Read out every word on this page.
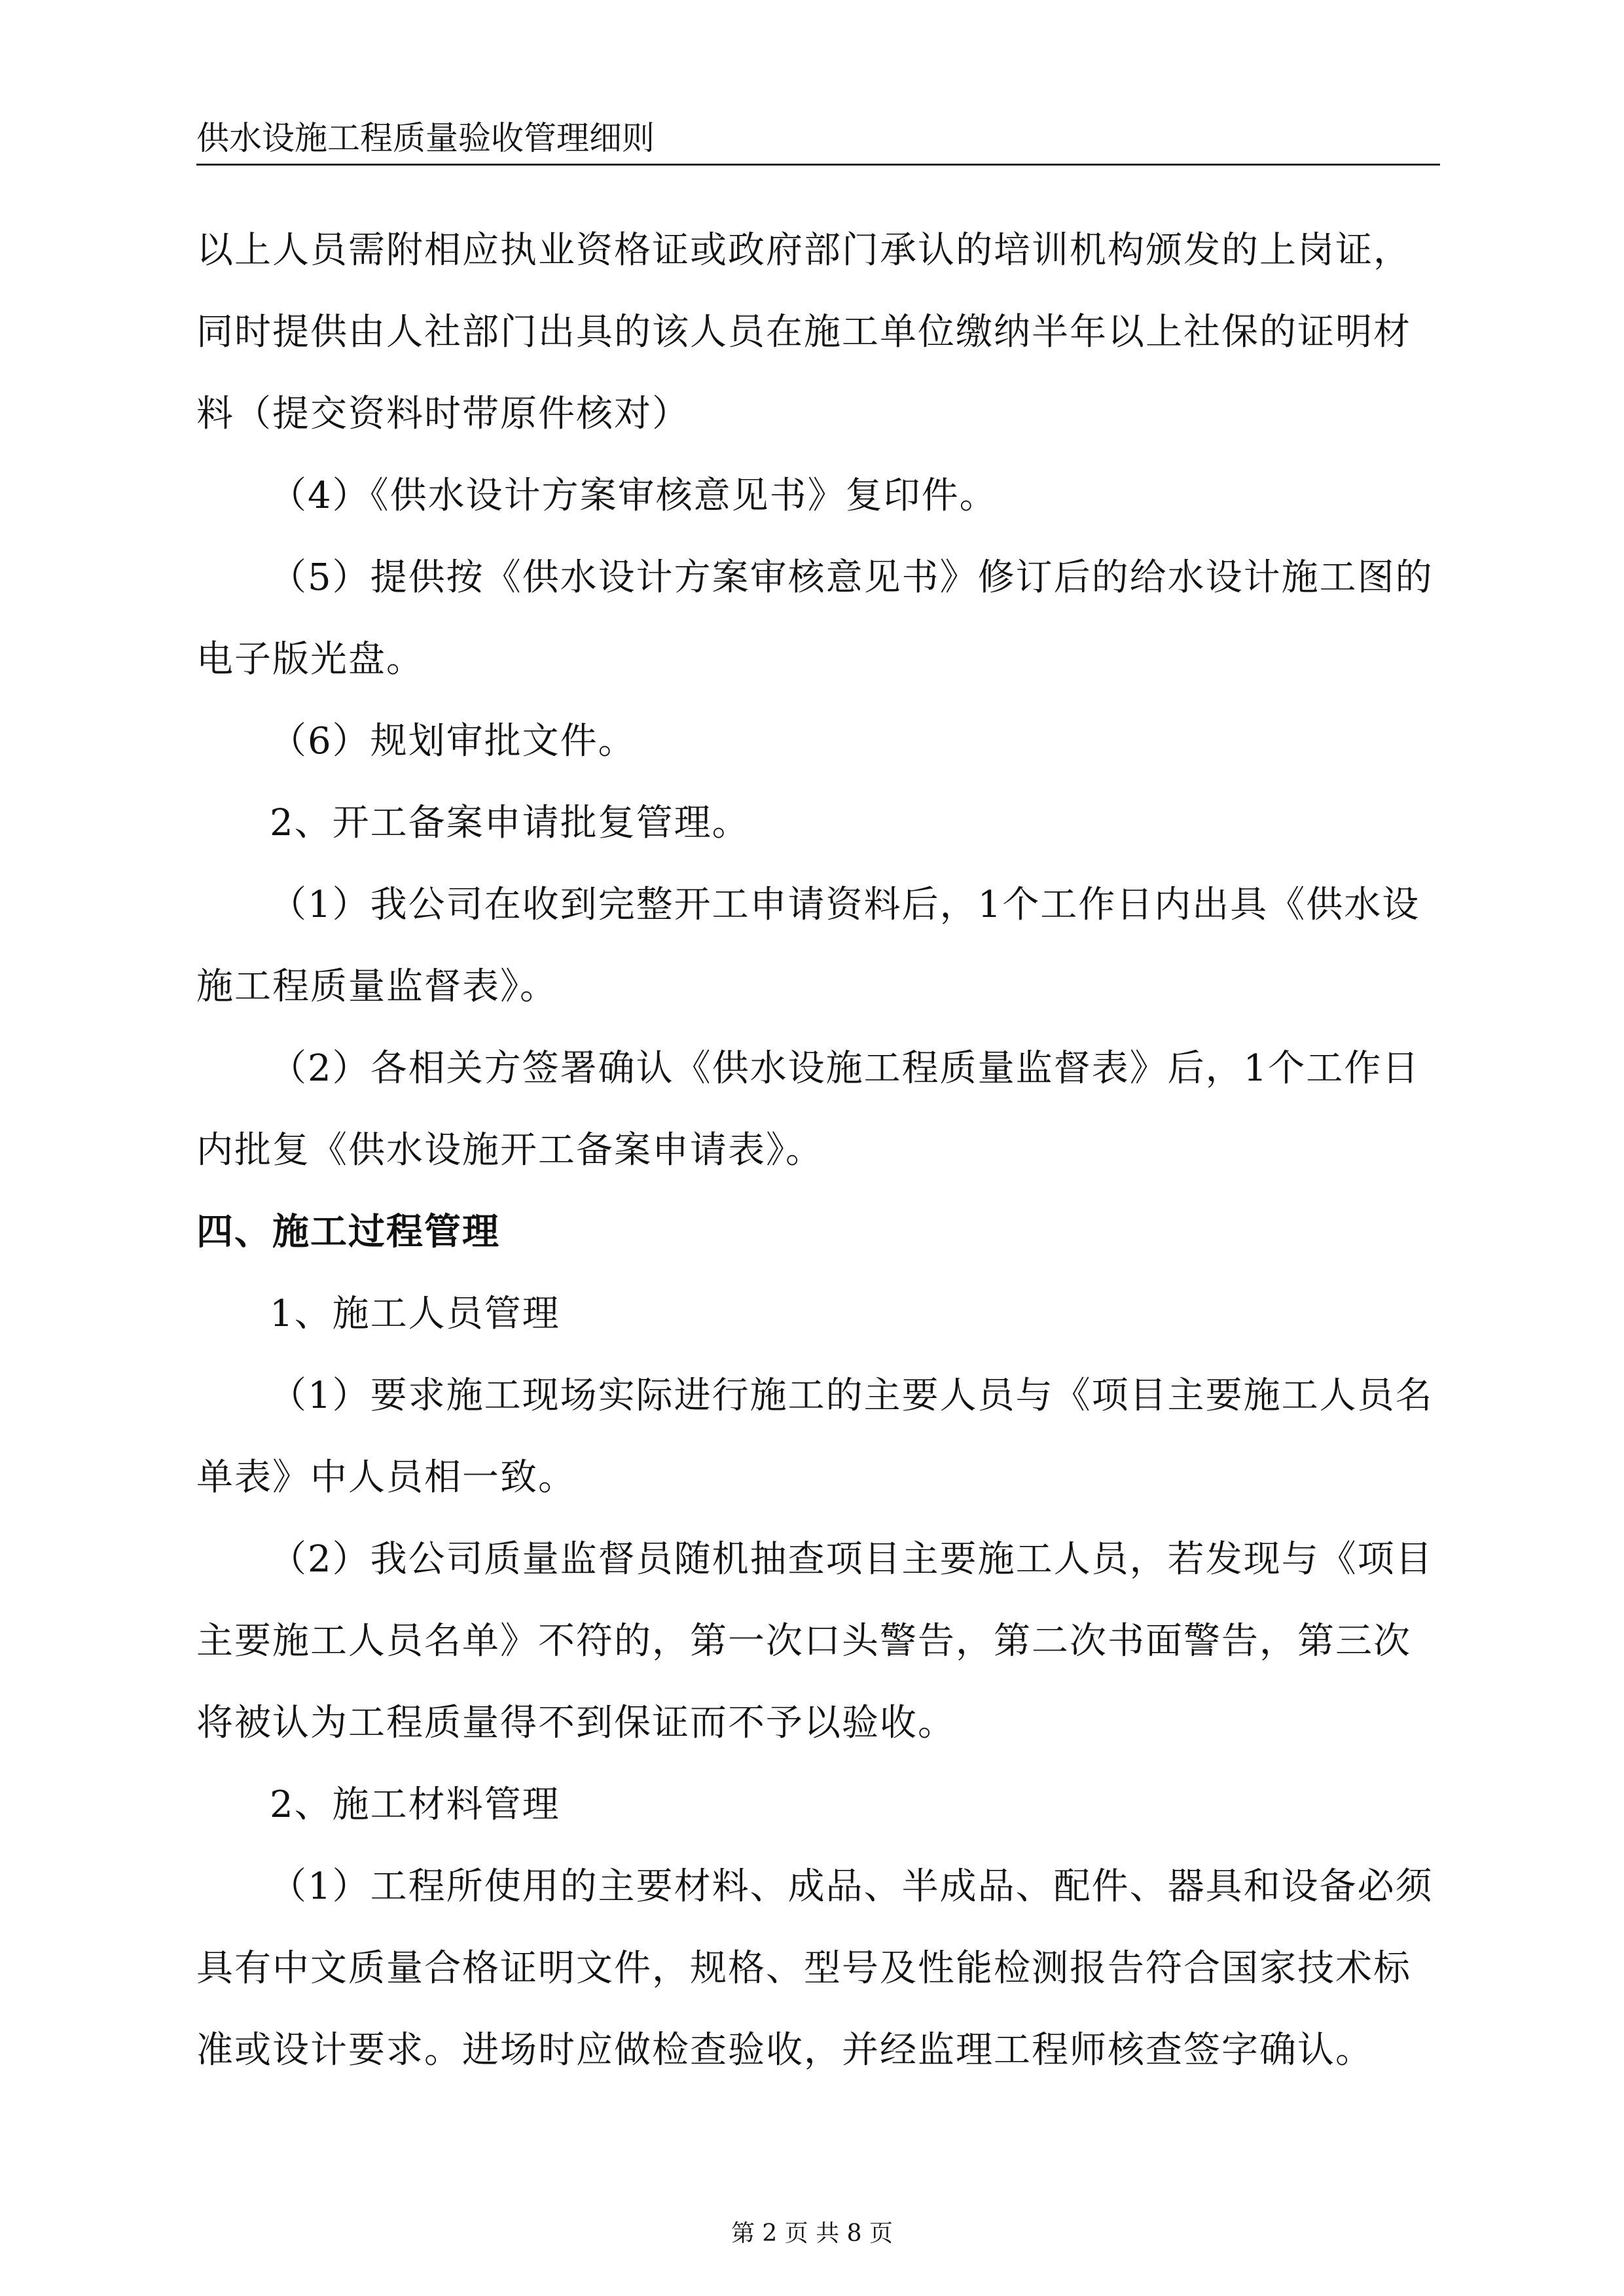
供水设施工程质量验收管理细则

以上人员需附相应执业资格证或政府部门承认的培训机构颁发的上岗证，同时提供由人社部门出具的该人员在施工单位缴纳半年以上社保的证明材料（提交资料时带原件核对）

（4）《供水设计方案审核意见书》复印件。

（5）提供按《供水设计方案审核意见书》修订后的给水设计施工图的电子版光盘。

（6）规划审批文件。

2、开工备案申请批复管理。

（1）我公司在收到完整开工申请资料后，1个工作日内出具《供水设施工程质量监督表》。

（2）各相关方签署确认《供水设施工程质量监督表》后，1个工作日内批复《供水设施开工备案申请表》。

四、施工过程管理

1、施工人员管理

（1）要求施工现场实际进行施工的主要人员与《项目主要施工人员名单表》中人员相一致。

（2）我公司质量监督员随机抽查项目主要施工人员，若发现与《项目主要施工人员名单》不符的，第一次口头警告，第二次书面警告，第三次将被认为工程质量得不到保证而不予以验收。

2、施工材料管理

（1）工程所使用的主要材料、成品、半成品、配件、器具和设备必须具有中文质量合格证明文件，规格、型号及性能检测报告符合国家技术标准或设计要求。进场时应做检查验收，并经监理工程师核查签字确认。

第 2 页 共 8 页
